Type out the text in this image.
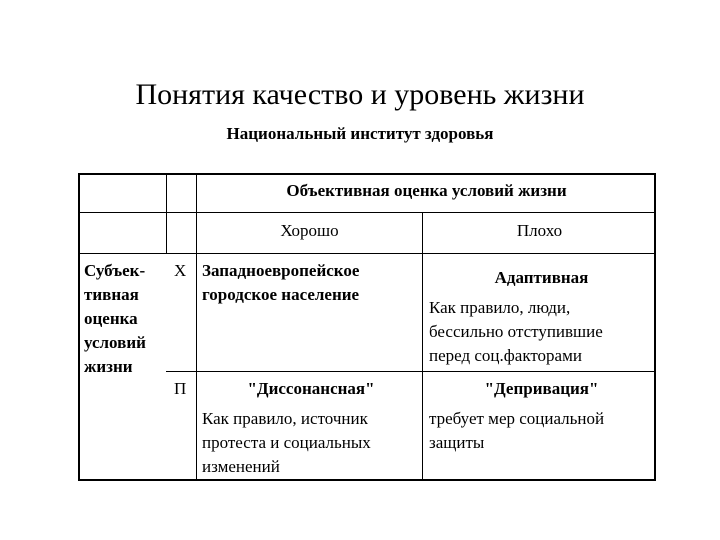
Понятия качество и уровень жизни
Национальный институт здоровья
Объективная оценка условий жизни
Хорошо	Плохо
Субъек-
тивная
оценка
условий
жизни
Х
П
Западноевропейское
городское население
Адаптивная
Как правило, люди,
бессильно отступившие
перед соц.факторами
"Диссонансная"
Как правило, источник
протеста и социальных
изменений
"Депривация"
требует мер социальной
защиты
